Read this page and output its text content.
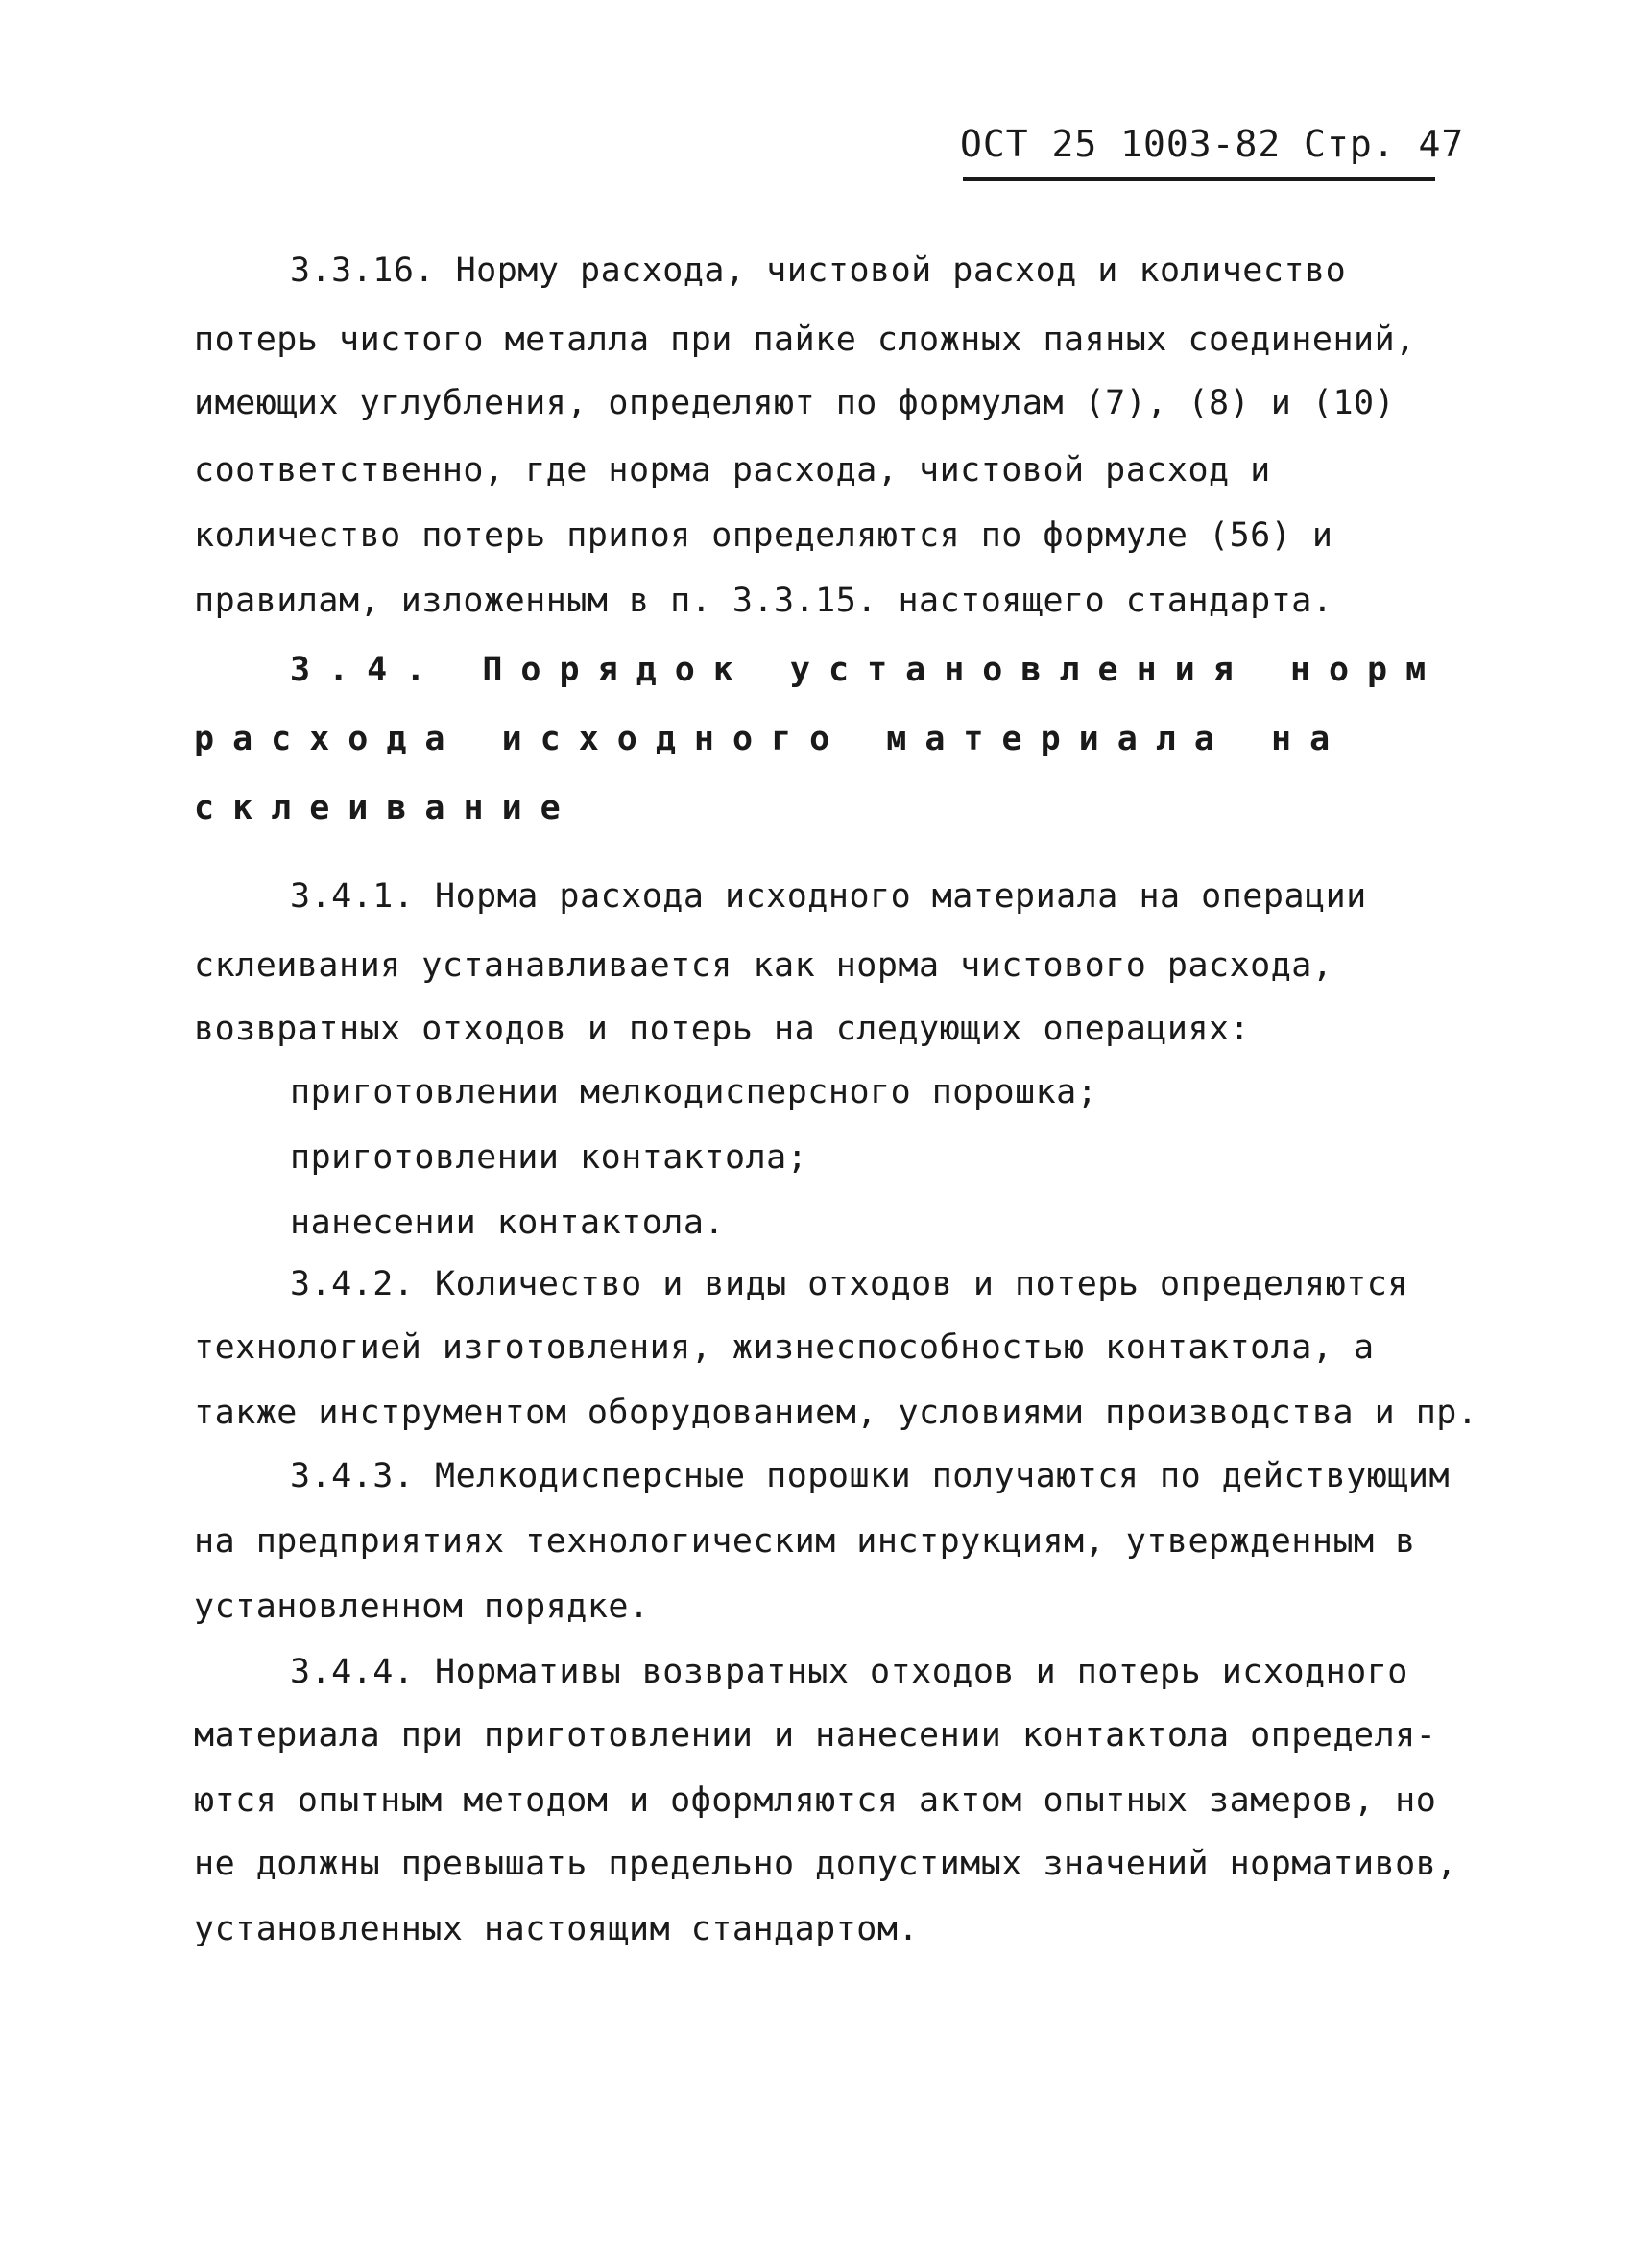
ОСТ 25 1003-82 Стр. 47
3.3.16. Норму расхода, чистовой расход и количество
потерь чистого металла при пайке сложных паяных соединений,
имеющих углубления, определяют по формулам (7), (8) и (10)
соответственно, где норма расхода, чистовой расход и
количество потерь припоя определяются по формуле (56) и
правилам, изложенным в п. 3.3.15. настоящего стандарта.
3.4. Порядок установления норм
расхода исходного материала на
склеивание
3.4.1. Норма расхода исходного материала на операции
склеивания устанавливается как норма чистового расхода,
возвратных отходов и потерь на следующих операциях:
приготовлении мелкодисперсного порошка;
приготовлении контактола;
нанесении контактола.
3.4.2. Количество и виды отходов и потерь определяются
технологией изготовления, жизнеспособностью контактола, а
также инструментом оборудованием, условиями производства и пр.
3.4.3. Мелкодисперсные порошки получаются по действующим
на предприятиях технологическим инструкциям, утвержденным в
установленном порядке.
3.4.4. Нормативы возвратных отходов и потерь исходного
материала при приготовлении и нанесении контактола определя-
ются опытным методом и оформляются актом опытных замеров, но
не должны превышать предельно допустимых значений нормативов,
установленных настоящим стандартом.
